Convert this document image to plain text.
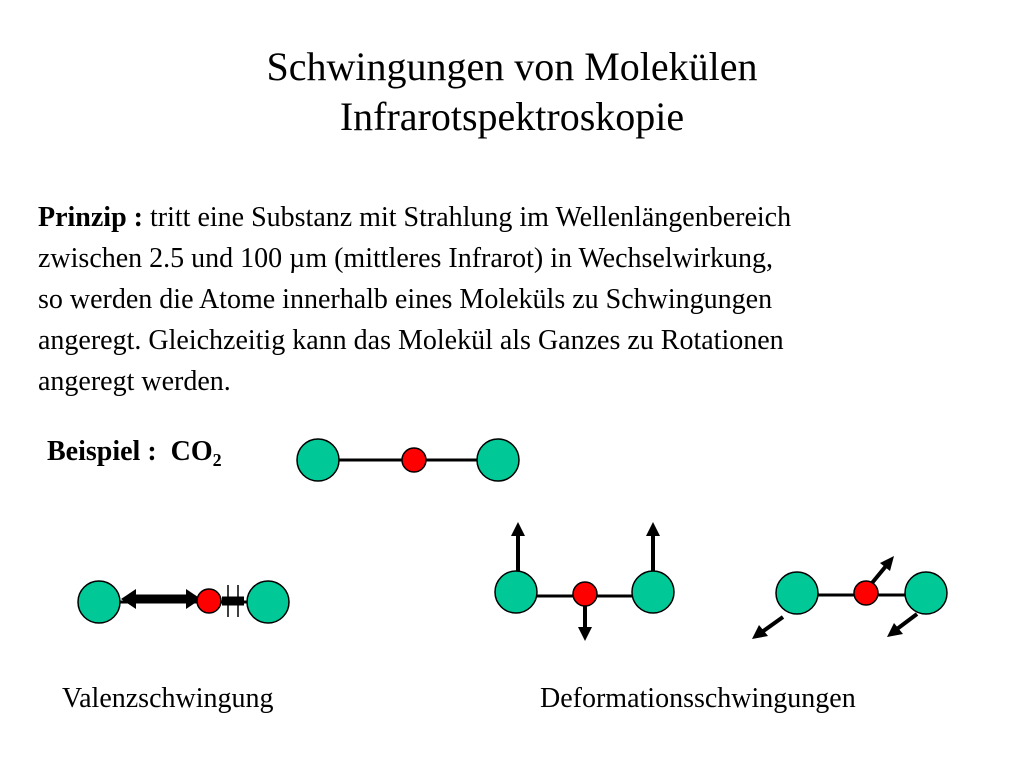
Schwingungen von Molekülen
Infrarotspektroskopie
Prinzip : tritt eine Substanz mit Strahlung im Wellenlängenbereich
zwischen 2.5 und 100 µm (mittleres Infrarot) in Wechselwirkung,
so werden die Atome innerhalb eines Moleküls zu Schwingungen
angeregt. Gleichzeitig kann das Molekül als Ganzes zu Rotationen
angeregt werden.
Beispiel : $CO_2$
Valenzschwingung	Deformationsschwingungen
